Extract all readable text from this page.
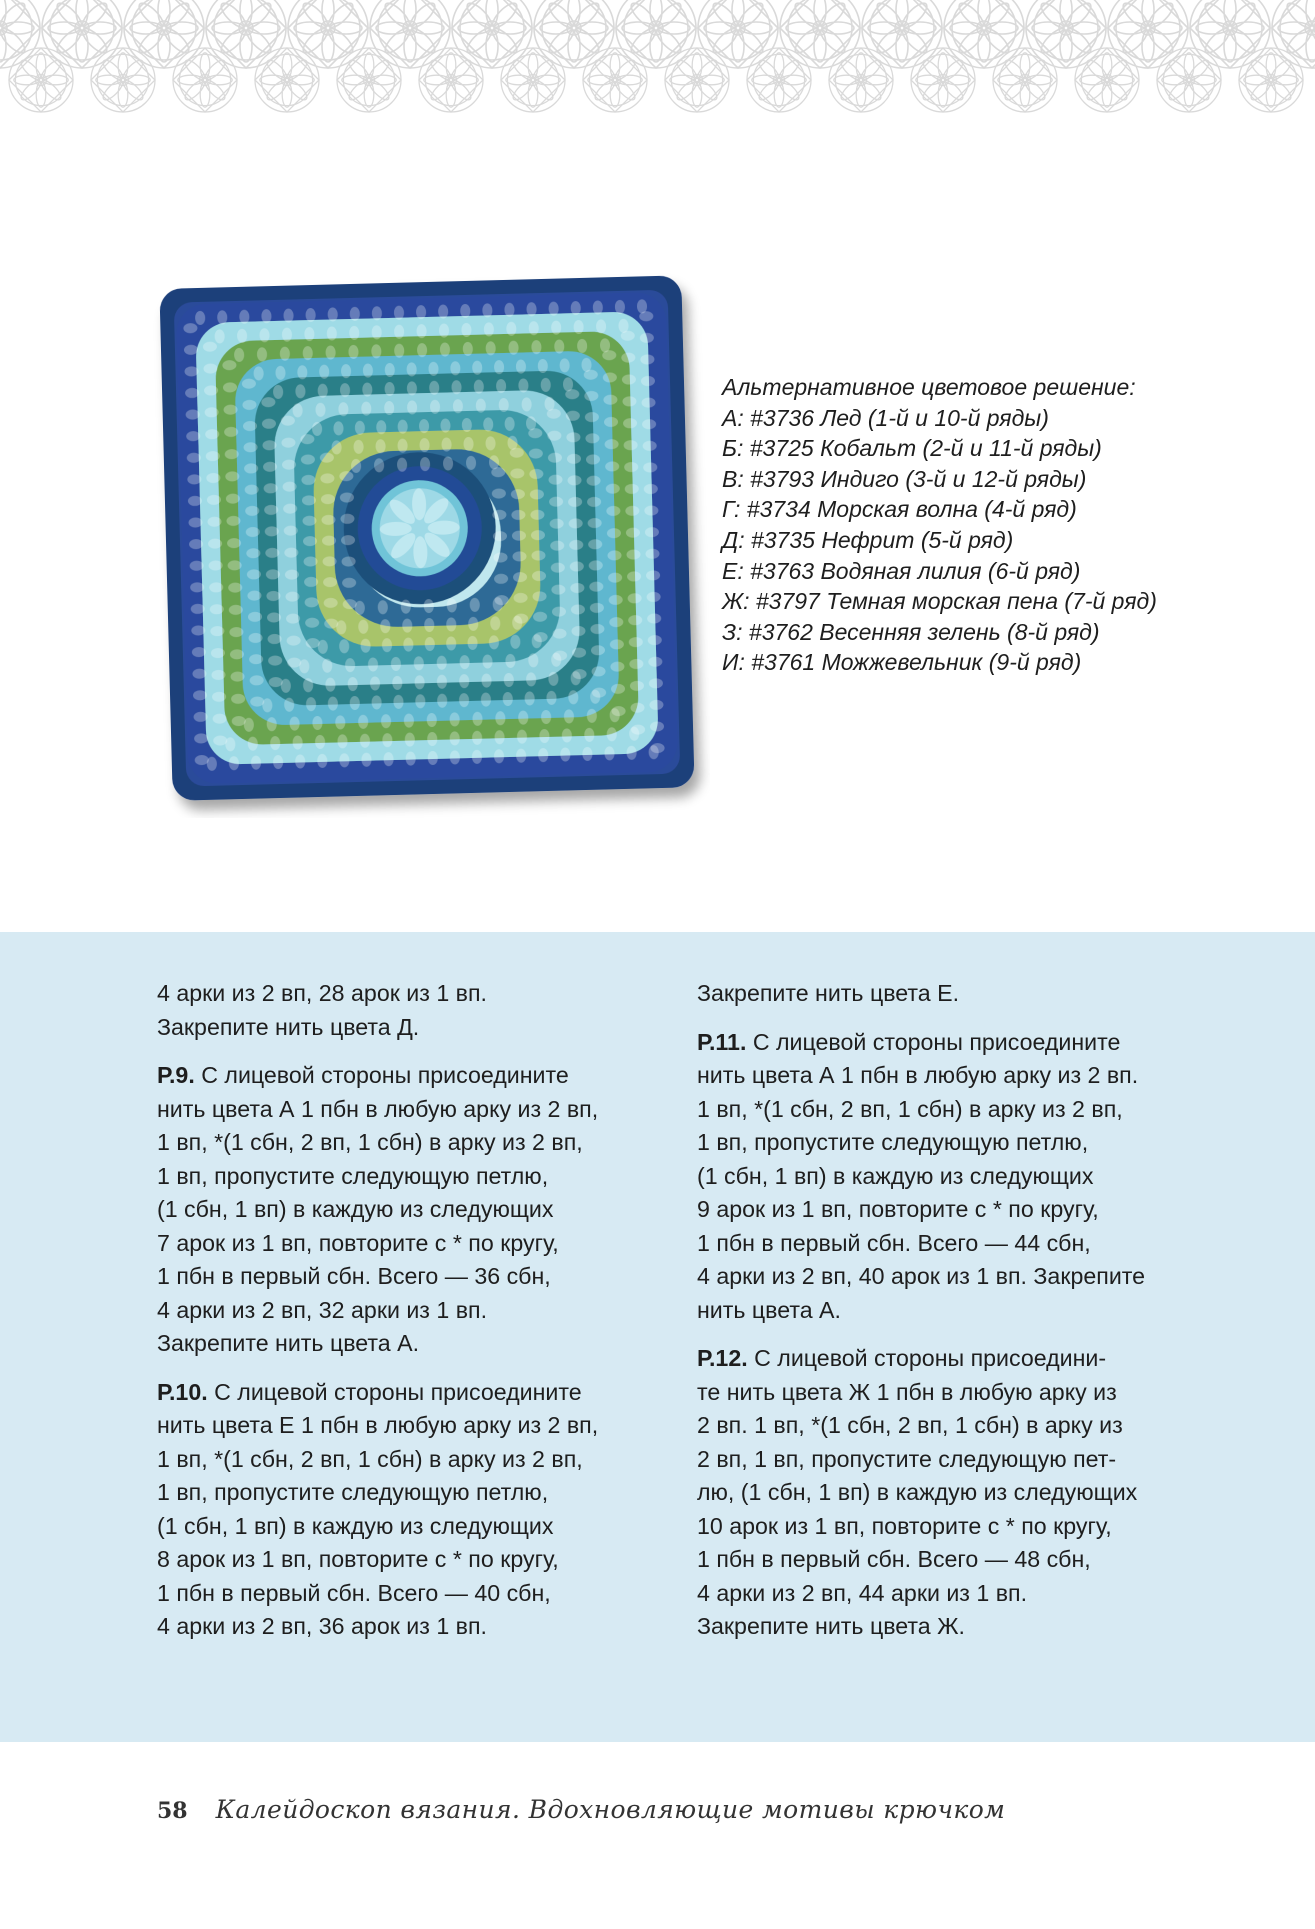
Альтернативное цветовое решение:
А: #3736 Лед (1-й и 10-й ряды)
Б: #3725 Кобальт (2-й и 11-й ряды)
В: #3793 Индиго (3-й и 12-й ряды)
Г: #3734 Морская волна (4-й ряд)
Д: #3735 Нефрит (5-й ряд)
Е: #3763 Водяная лилия (6-й ряд)
Ж: #3797 Темная морская пена (7-й ряд)
З: #3762 Весенняя зелень (8-й ряд)
И: #3761 Можжевельник (9-й ряд)
4 арки из 2 вп, 28 арок из 1 вп.
Закрепите нить цвета Д.
Р.9. С лицевой стороны присоедините
нить цвета А 1 пбн в любую арку из 2 вп,
1 вп, *(1 сбн, 2 вп, 1 сбн) в арку из 2 вп,
1 вп, пропустите следующую петлю,
(1 сбн, 1 вп) в каждую из следующих
7 арок из 1 вп, повторите с * по кругу,
1 пбн в первый сбн. Всего — 36 сбн,
4 арки из 2 вп, 32 арки из 1 вп.
Закрепите нить цвета А.
Р.10. С лицевой стороны присоедините
нить цвета Е 1 пбн в любую арку из 2 вп,
1 вп, *(1 сбн, 2 вп, 1 сбн) в арку из 2 вп,
1 вп, пропустите следующую петлю,
(1 сбн, 1 вп) в каждую из следующих
8 арок из 1 вп, повторите с * по кругу,
1 пбн в первый сбн. Всего — 40 сбн,
4 арки из 2 вп, 36 арок из 1 вп.
Закрепите нить цвета Е.
Р.11. С лицевой стороны присоедините
нить цвета А 1 пбн в любую арку из 2 вп.
1 вп, *(1 сбн, 2 вп, 1 сбн) в арку из 2 вп,
1 вп, пропустите следующую петлю,
(1 сбн, 1 вп) в каждую из следующих
9 арок из 1 вп, повторите с * по кругу,
1 пбн в первый сбн. Всего — 44 сбн,
4 арки из 2 вп, 40 арок из 1 вп. Закрепите
нить цвета А.
Р.12. С лицевой стороны присоедини-
те нить цвета Ж 1 пбн в любую арку из
2 вп. 1 вп, *(1 сбн, 2 вп, 1 сбн) в арку из
2 вп, 1 вп, пропустите следующую пет-
лю, (1 сбн, 1 вп) в каждую из следующих
10 арок из 1 вп, повторите с * по кругу,
1 пбн в первый сбн. Всего — 48 сбн,
4 арки из 2 вп, 44 арки из 1 вп.
Закрепите нить цвета Ж.
58 Калейдоскоп вязания. Вдохновляющие мотивы крючком
